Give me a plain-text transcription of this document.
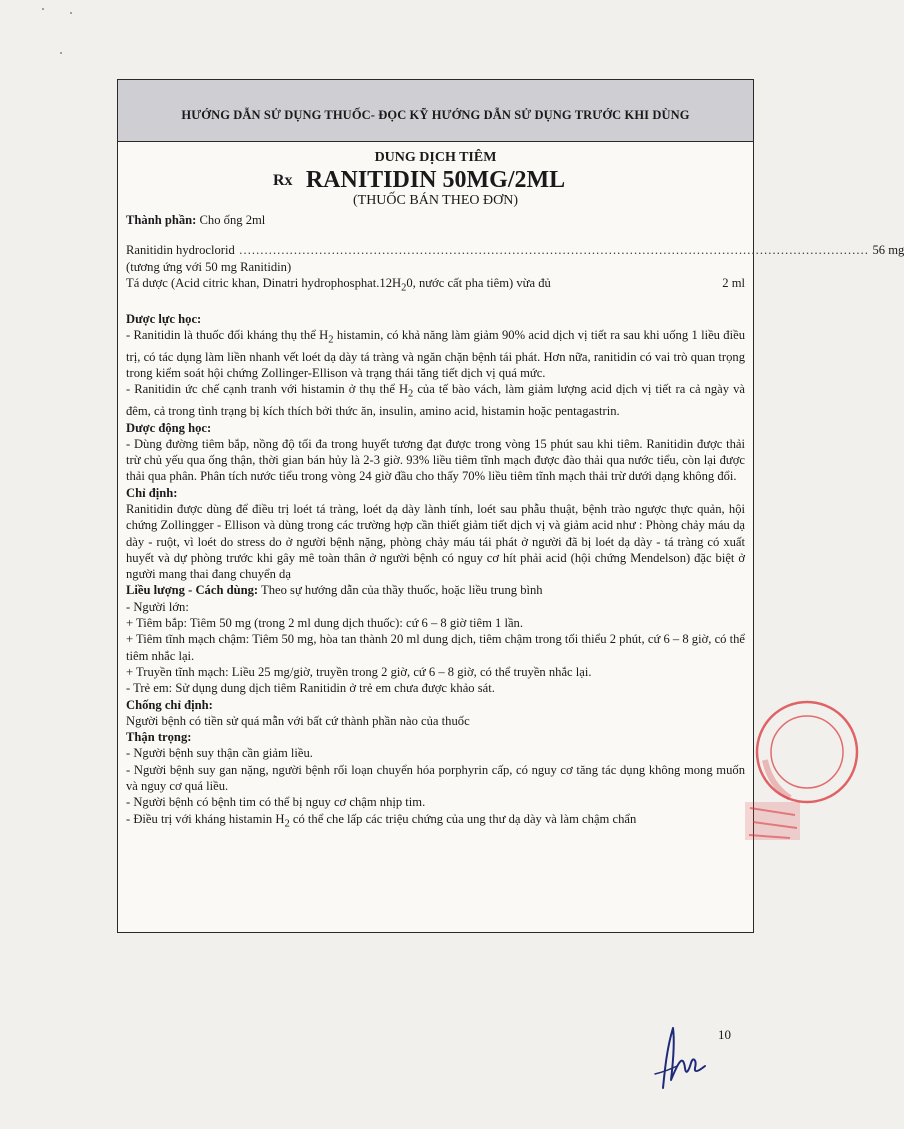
HƯỚNG DẪN SỬ DỤNG THUỐC- ĐỌC KỸ HƯỚNG DẪN SỬ DỤNG TRƯỚC KHI DÙNG
DUNG DỊCH TIÊM
Rx RANITIDIN 50MG/2ML
(THUỐC BÁN THEO ĐƠN)

Thành phần: Cho ống 2ml

Ranitidin hydroclorid …………………………………………………………………………………………………………………………………… 56 mg

(tương ứng với 50 mg Ranitidin)

Tá dược (Acid citric khan, Dinatri $hydrophosphat.12H_20$, nước cất pha tiêm) vừa đủ	2 ml

Dược lực học:

- Ranitidin là thuốc đối kháng thụ thể $H_2$ histamin, có khả năng làm giảm 90% acid dịch vị tiết ra sau khi uống 1 liều điều trị, có tác dụng làm liền nhanh vết loét dạ dày tá tràng và ngăn chặn bệnh tái phát. Hơn nữa, ranitidin có vai trò quan trọng trong kiểm soát hội chứng Zollinger-Ellison và trạng thái tăng tiết dịch vị quá mức.

- Ranitidin ức chế cạnh tranh với histamin ở thụ thể $H_2$ của tế bào vách, làm giảm lượng acid dịch vị tiết ra cả ngày và đêm, cả trong tình trạng bị kích thích bởi thức ăn, insulin, amino acid, histamin hoặc pentagastrin.

Dược động học:

- Dùng đường tiêm bắp, nồng độ tối đa trong huyết tương đạt được trong vòng 15 phút sau khi tiêm. Ranitidin được thải trừ chủ yếu qua ống thận, thời gian bán hủy là 2-3 giờ. 93% liều tiêm tĩnh mạch được đào thải qua nước tiểu, còn lại được thải qua phân. Phân tích nước tiểu trong vòng 24 giờ đầu cho thấy 70% liều tiêm tĩnh mạch thải trừ dưới dạng không đổi.

Chỉ định:

Ranitidin được dùng để điều trị loét tá tràng, loét dạ dày lành tính, loét sau phẫu thuật, bệnh trào ngược thực quản, hội chứng Zollingger - Ellison và dùng trong các trường hợp cần thiết giảm tiết dịch vị và giảm acid như : Phòng chảy máu dạ dày - ruột, vì loét do stress do ở người bệnh nặng, phòng chảy máu tái phát ở người đã bị loét dạ dày - tá tràng có xuất huyết và dự phòng trước khi gây mê toàn thân ở người bệnh có nguy cơ hít phải acid (hội chứng Mendelson) đặc biệt ở người mang thai đang chuyển dạ

Liều lượng - Cách dùng: Theo sự hướng dẫn của thầy thuốc, hoặc liều trung bình

- Người lớn:

+ Tiêm bắp: Tiêm 50 mg (trong 2 ml dung dịch thuốc): cứ 6 – 8 giờ tiêm 1 lần.

+ Tiêm tĩnh mạch chậm: Tiêm 50 mg, hòa tan thành 20 ml dung dịch, tiêm chậm trong tối thiểu 2 phút, cứ 6 – 8 giờ, có thể tiêm nhắc lại.

+ Truyền tĩnh mạch: Liều 25 mg/giờ, truyền trong 2 giờ, cứ 6 – 8 giờ, có thể truyền nhắc lại.

- Trẻ em: Sử dụng dung dịch tiêm Ranitidin ở trẻ em chưa được khảo sát.

Chống chỉ định:

Người bệnh có tiền sử quá mẫn với bất cứ thành phần nào của thuốc

Thận trọng:

- Người bệnh suy thận cần giảm liều.

- Người bệnh suy gan nặng, người bệnh rối loạn chuyển hóa porphyrin cấp, có nguy cơ tăng tác dụng không mong muốn và nguy cơ quá liều.

- Người bệnh có bệnh tim có thể bị nguy cơ chậm nhịp tim.

- Điều trị với kháng histamin $H_2$ có thể che lấp các triệu chứng của ung thư dạ dày và làm chậm chẩn

10
